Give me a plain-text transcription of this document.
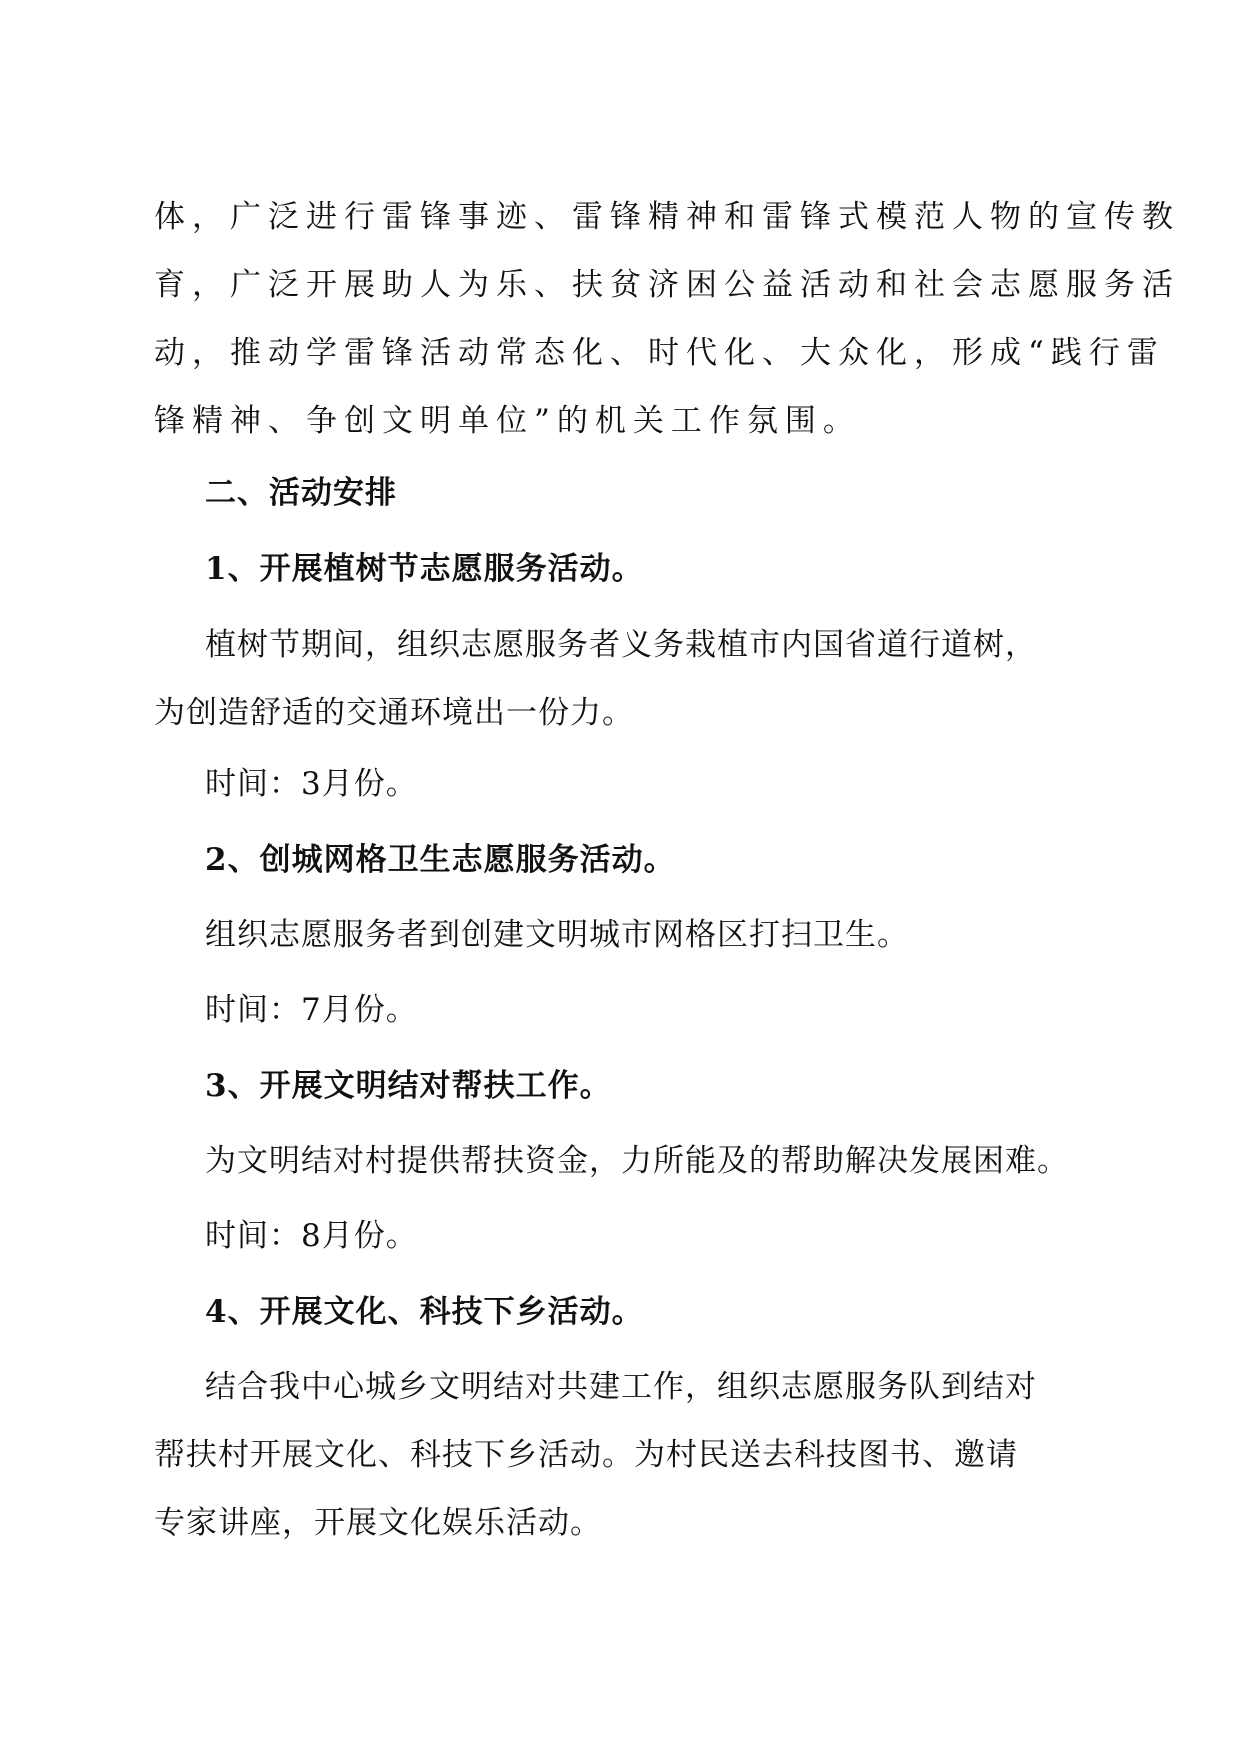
体，广泛进行雷锋事迹、雷锋精神和雷锋式模范人物的宣传教
育，广泛开展助人为乐、扶贫济困公益活动和社会志愿服务活
动，推动学雷锋活动常态化、时代化、大众化，形成“践行雷
锋精神、争创文明单位”的机关工作氛围。
二、活动安排
1、开展植树节志愿服务活动。
植树节期间，组织志愿服务者义务栽植市内国省道行道树，
为创造舒适的交通环境出一份力。
时间：3月份。
2、创城网格卫生志愿服务活动。
组织志愿服务者到创建文明城市网格区打扫卫生。
时间：7月份。
3、开展文明结对帮扶工作。
为文明结对村提供帮扶资金，力所能及的帮助解决发展困难。
时间：8月份。
4、开展文化、科技下乡活动。
结合我中心城乡文明结对共建工作，组织志愿服务队到结对
帮扶村开展文化、科技下乡活动。为村民送去科技图书、邀请
专家讲座，开展文化娱乐活动。
